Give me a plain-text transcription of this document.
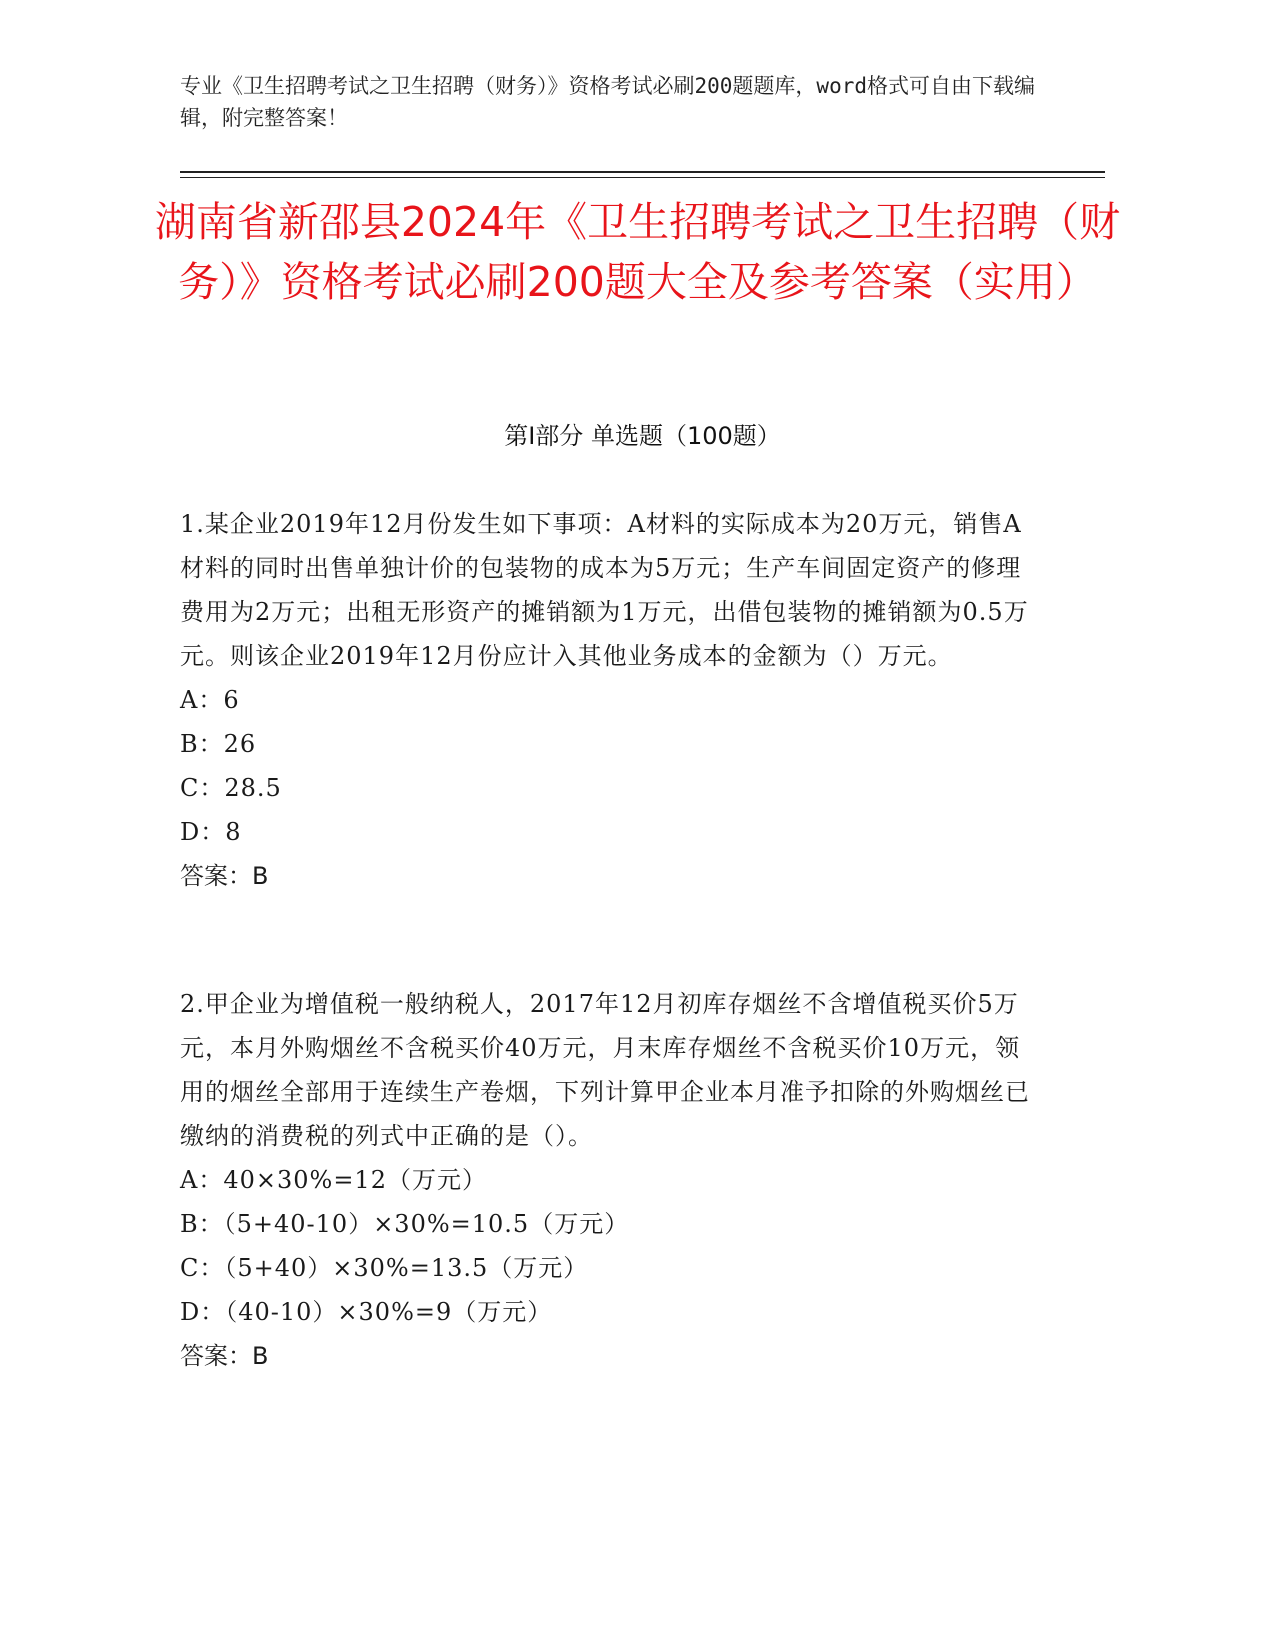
专业《卫生招聘考试之卫生招聘（财务）》资格考试必刷200题题库，word格式可自由下载编辑，附完整答案！
湖南省新邵县2024年《卫生招聘考试之卫生招聘（财务）》资格考试必刷200题大全及参考答案（实用）
第I部分 单选题（100题）

1.某企业2019年12月份发生如下事项：A材料的实际成本为20万元，销售A材料的同时出售单独计价的包装物的成本为5万元；生产车间固定资产的修理费用为2万元；出租无形资产的摊销额为1万元，出借包装物的摊销额为0.5万元。则该企业2019年12月份应计入其他业务成本的金额为（）万元。

A：6
B：26
C：28.5
D：8
答案：B

2.甲企业为增值税一般纳税人，2017年12月初库存烟丝不含增值税买价5万元，本月外购烟丝不含税买价40万元，月末库存烟丝不含税买价10万元，领用的烟丝全部用于连续生产卷烟，下列计算甲企业本月准予扣除的外购烟丝已缴纳的消费税的列式中正确的是（）。

A：40×30%=12（万元）
B：（5+40-10）×30%=10.5（万元）
C：（5+40）×30%=13.5（万元）
D：（40-10）×30%=9（万元）
答案：B
